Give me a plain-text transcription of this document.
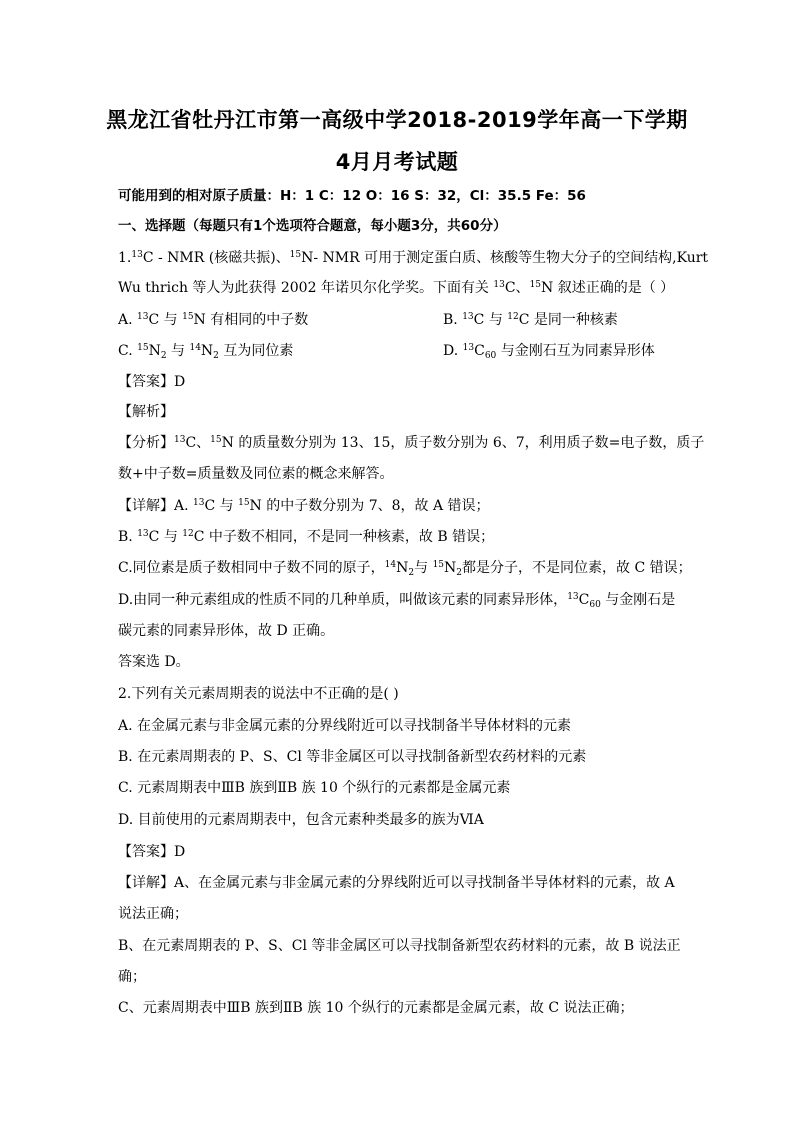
黑龙江省牡丹江市第一高级中学2018-2019学年高一下学期
4月月考试题
可能用到的相对原子质量：H：1 C：12 O：16 S：32，Cl：35.5 Fe：56
一、选择题（每题只有1个选项符合题意，每小题3分，共60分）
1.13C - NMR (核磁共振)、$^{15}$N- NMR 可用于测定蛋白质、核酸等生物大分子的空间结构,Kurt
Wu thrich 等人为此获得 2002 年诺贝尔化学奖。下面有关 $^{13}$C、$^{15}$N 叙述正确的是（ ）
A. $^{13}$C 与 $^{15}$N 有相同的中子数	B. $^{13}$C 与 $^{12}$C 是同一种核素
C. $^{15}N_2$ 与 $^{14}N_2$ 互为同位素	D. $^{13}C_{60}$ 与金刚石互为同素异形体
【答案】D
【解析】
【分析】$^{13}$C、$^{15}$N 的质量数分别为 13、15，质子数分别为 6、7，利用质子数=电子数，质子
数+中子数=质量数及同位素的概念来解答。
【详解】A. $^{13}$C 与 $^{15}$N 的中子数分别为 7、8，故 A 错误；
B. $^{13}$C 与 $^{12}$C 中子数不相同，不是同一种核素，故 B 错误；
C.同位素是质子数相同中子数不同的原子，$^{14}N_2$与 $^{15}N_2$都是分子，不是同位素，故 C 错误；
D.由同一种元素组成的性质不同的几种单质，叫做该元素的同素异形体，$^{13}C_{60}$ 与金刚石是
碳元素的同素异形体，故 D 正确。
答案选 D。
2.下列有关元素周期表的说法中不正确的是( )
A. 在金属元素与非金属元素的分界线附近可以寻找制备半导体材料的元素
B. 在元素周期表的 P、S、Cl 等非金属区可以寻找制备新型农药材料的元素
C. 元素周期表中ⅢB 族到ⅡB 族 10 个纵行的元素都是金属元素
D. 目前使用的元素周期表中，包含元素种类最多的族为ⅥA
【答案】D
【详解】A、在金属元素与非金属元素的分界线附近可以寻找制备半导体材料的元素，故 A
说法正确；
B、在元素周期表的 P、S、Cl 等非金属区可以寻找制备新型农药材料的元素，故 B 说法正
确；
C、元素周期表中ⅢB 族到ⅡB 族 10 个纵行的元素都是金属元素，故 C 说法正确；
